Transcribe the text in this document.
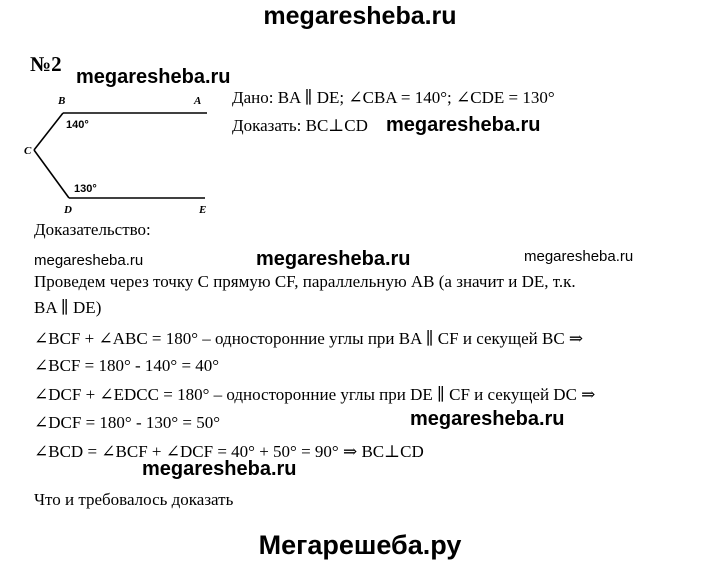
megaresheba.ru
№2
megaresheba.ru
B	A
C
D	E
140°
130°
Дано: BA ∥ DE; ∠CBA = 140°; ∠CDE = 130°
Доказать: BC⊥CD megaresheba.ru
Доказательство:
megaresheba.ru	megaresheba.ru
megaresheba.ru
Проведем через точку C прямую CF, параллельную AB (а значит и DE, т.к.
BA ∥ DE)
∠BCF + ∠ABC = 180° – односторонние углы при BA ∥ CF и секущей BC ⇒
∠BCF = 180° - 140° = 40°
∠DCF + ∠EDCC = 180° – односторонние углы при DE ∥ CF и секущей DC ⇒
∠DCF = 180° - 130° = 50°	megaresheba.ru
∠BCD = ∠BCF + ∠DCF = 40° + 50° = 90° ⇒ BC⊥CD
megaresheba.ru
Что и требовалось доказать
Мегарешеба.ру
